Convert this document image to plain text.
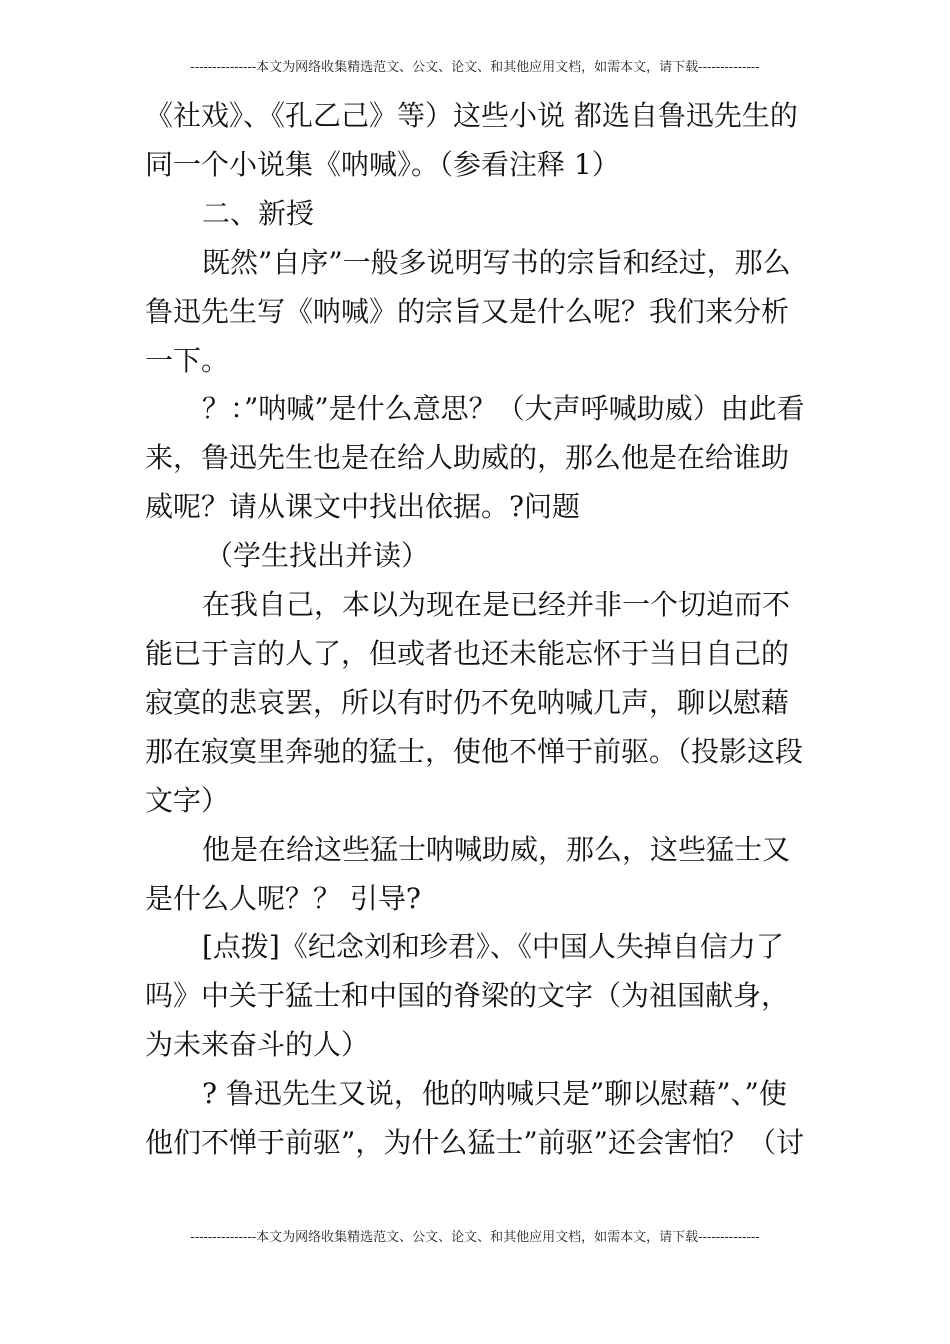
---------------本文为网络收集精选范文、公文、论文、和其他应用文档，如需本文，请下载--------------

《社戏》、《孔乙己》等）这些小说 都选自鲁迅先生的同一个小说集《呐喊》。（参看注释 1）

二、新授

既然”自序”一般多说明写书的宗旨和经过，那么鲁迅先生写《呐喊》的宗旨又是什么呢？我们来分析一下。

？：”呐喊”是什么意思？（大声呼喊助威）由此看来，鲁迅先生也是在给人助威的，那么他是在给谁助威呢？请从课文中找出依据。?问题

（学生找出并读）

在我自己，本以为现在是已经并非一个切迫而不能已于言的人了，但或者也还未能忘怀于当日自己的寂寞的悲哀罢，所以有时仍不免呐喊几声，聊以慰藉那在寂寞里奔驰的猛士，使他不惮于前驱。（投影这段文字）

他是在给这些猛士呐喊助威，那么，这些猛士又是什么人呢？？ 引导?

[点拨]《纪念刘和珍君》、《中国人失掉自信力了吗》中关于猛士和中国的脊梁的文字（为祖国献身，为未来奋斗的人）

? 鲁迅先生又说，他的呐喊只是”聊以慰藉”、”使他们不惮于前驱”，为什么猛士”前驱”还会害怕？（讨

---------------本文为网络收集精选范文、公文、论文、和其他应用文档，如需本文，请下载--------------
